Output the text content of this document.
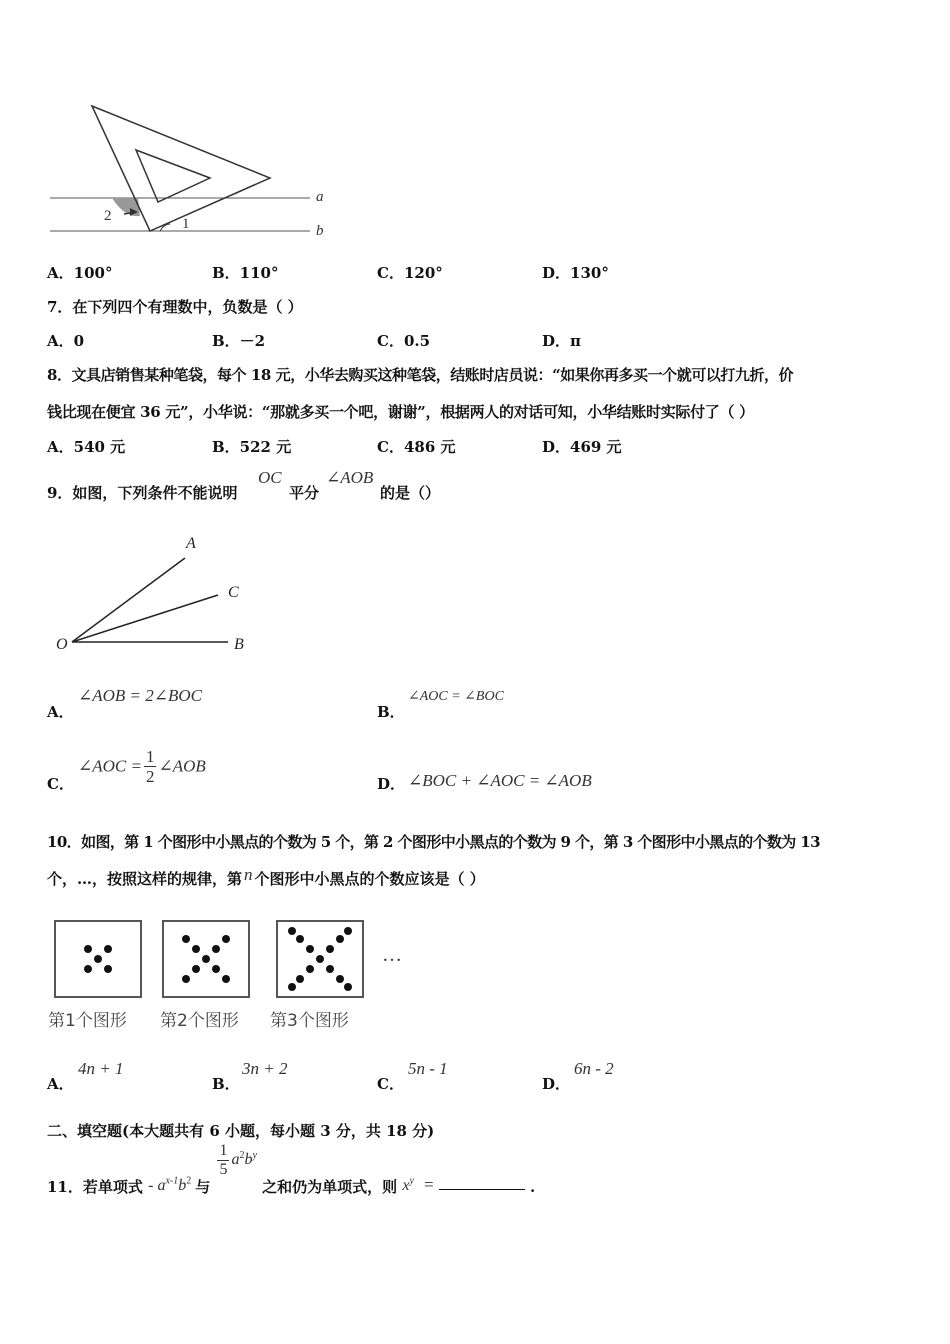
a
b
2	1
A．100°	B．110°	C．120°	D．130°
7．在下列四个有理数中，负数是（ ）
A．0	B．－2	C．0.5	D．π
8．文具店销售某种笔袋，每个 18 元，小华去购买这种笔袋，结账时店员说：“如果你再多买一个就可以打九折，价
钱比现在便宜 36 元”，小华说：“那就多买一个吧，谢谢”，根据两人的对话可知，小华结账时实际付了（ ）
A．540 元	B．522 元	C．486 元	D．469 元
9．如图，下列条件不能说明
OC
平分
∠AOB
的是（）
A
C
B
O
A．
∠AOB = 2∠BOC
B．
∠AOC = ∠BOC
C．
∠AOC = $\frac{1}{2}$ ∠AOB
D． ∠BOC + ∠AOC = ∠AOB
10．如图，第 1 个图形中小黑点的个数为 5 个，第 2 个图形中小黑点的个数为 9 个，第 3 个图形中小黑点的个数为 13
个，…，按照这样的规律，第 n 个图形中小黑点的个数应该是（ ）
…
第1个图形 第2个图形 第3个图形
A．
4n + 1
B．
3n + 2
C．
5n - 1
D．
6n - 2
二、填空题(本大题共有 6 小题，每小题 3 分，共 18 分)
11．若单项式 - $a^{x-1}b^2$ 与
$\frac{1}{5} a^2b^y$ 之和仍为单项式，则 $x^y$ =	.
